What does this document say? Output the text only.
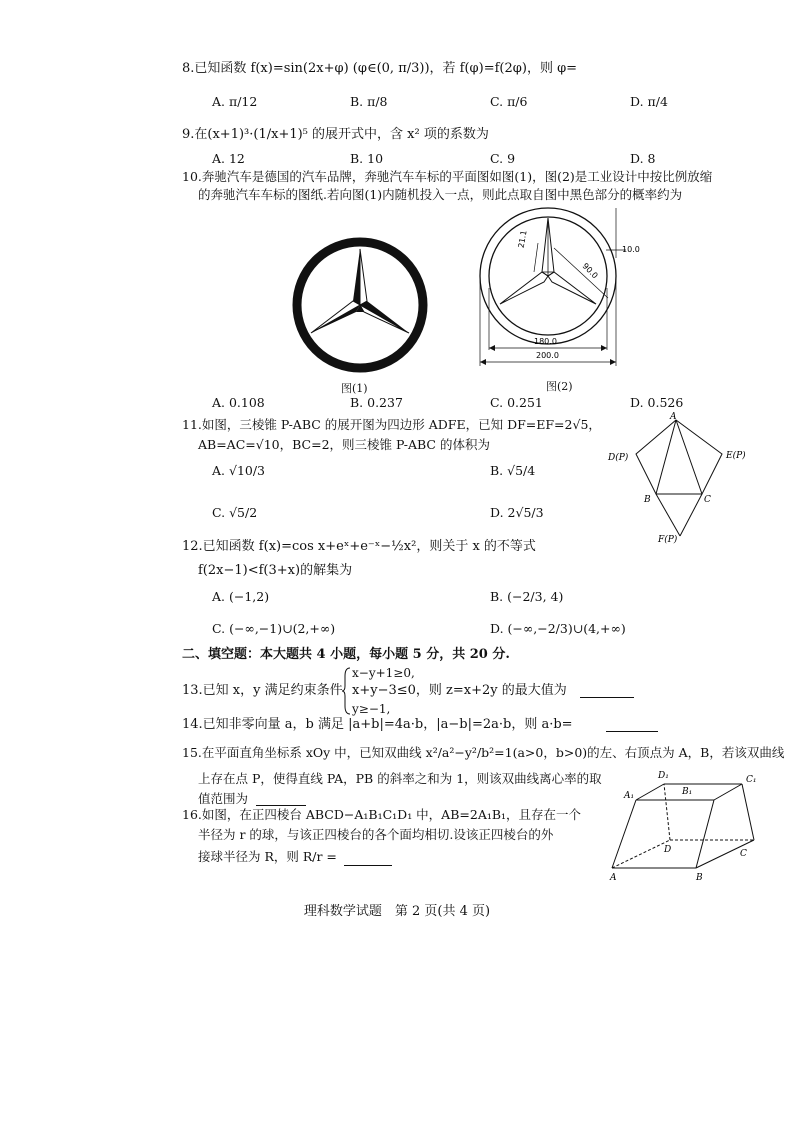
8.已知函数 f(x)=sin(2x+φ) (φ∈(0, π/3))，若 f(φ)=f(2φ)，则 φ=
A. π/12	B. π/8	C. π/6	D. π/4
9.在(x+1)³·(1/x+1)⁵ 的展开式中，含 x² 项的系数为
A. 12	B. 10	C. 9	D. 8
10.奔驰汽车是德国的汽车品牌，奔驰汽车车标的平面图如图(1)，图(2)是工业设计中按比例放缩
的奔驰汽车车标的图纸.若向图(1)内随机投入一点，则此点取自图中黑色部分的概率约为
图(1)
21.1
90.0
10.0
180.0
200.0
图(2)
A. 0.108	B. 0.237	C. 0.251	D. 0.526
11.如图，三棱锥 P-ABC 的展开图为四边形 ADFE，已知 DF=EF=2√5，
AB=AC=√10，BC=2，则三棱锥 P-ABC 的体积为
A. √10/3	B. √5/4
C. √5/2	D. 2√5/3
A
D(P)	E(P)
B	C
F(P)
12.已知函数 f(x)=cos x+eˣ+e⁻ˣ−½x²，则关于 x 的不等式
f(2x−1)<f(3+x)的解集为
A. (−1,2)	B. (−2/3, 4)
C. (−∞,−1)∪(2,+∞)	D. (−∞,−2/3)∪(4,+∞)
二、填空题：本大题共 4 小题，每小题 5 分，共 20 分.
x−y+1≥0,
13.已知 x，y 满足约束条件 x+y−3≤0，则 z=x+2y 的最大值为
y≥−1,
14.已知非零向量 a，b 满足 |a+b|=4a·b，|a−b|=2a·b，则 a·b=
15.在平面直角坐标系 xOy 中，已知双曲线 x²/a²−y²/b²=1(a>0，b>0)的左、右顶点为 A，B，若该双曲线
上存在点 P，使得直线 PA，PB 的斜率之和为 1，则该双曲线离心率的取
值范围为
16.如图，在正四棱台 ABCD−A₁B₁C₁D₁ 中，AB=2A₁B₁，且存在一个
半径为 r 的球，与该正四棱台的各个面均相切.设该正四棱台的外
接球半径为 R，则 R/r =
D₁	C₁
A₁	B₁
D	C
A	B
理科数学试题　第 2 页(共 4 页)
